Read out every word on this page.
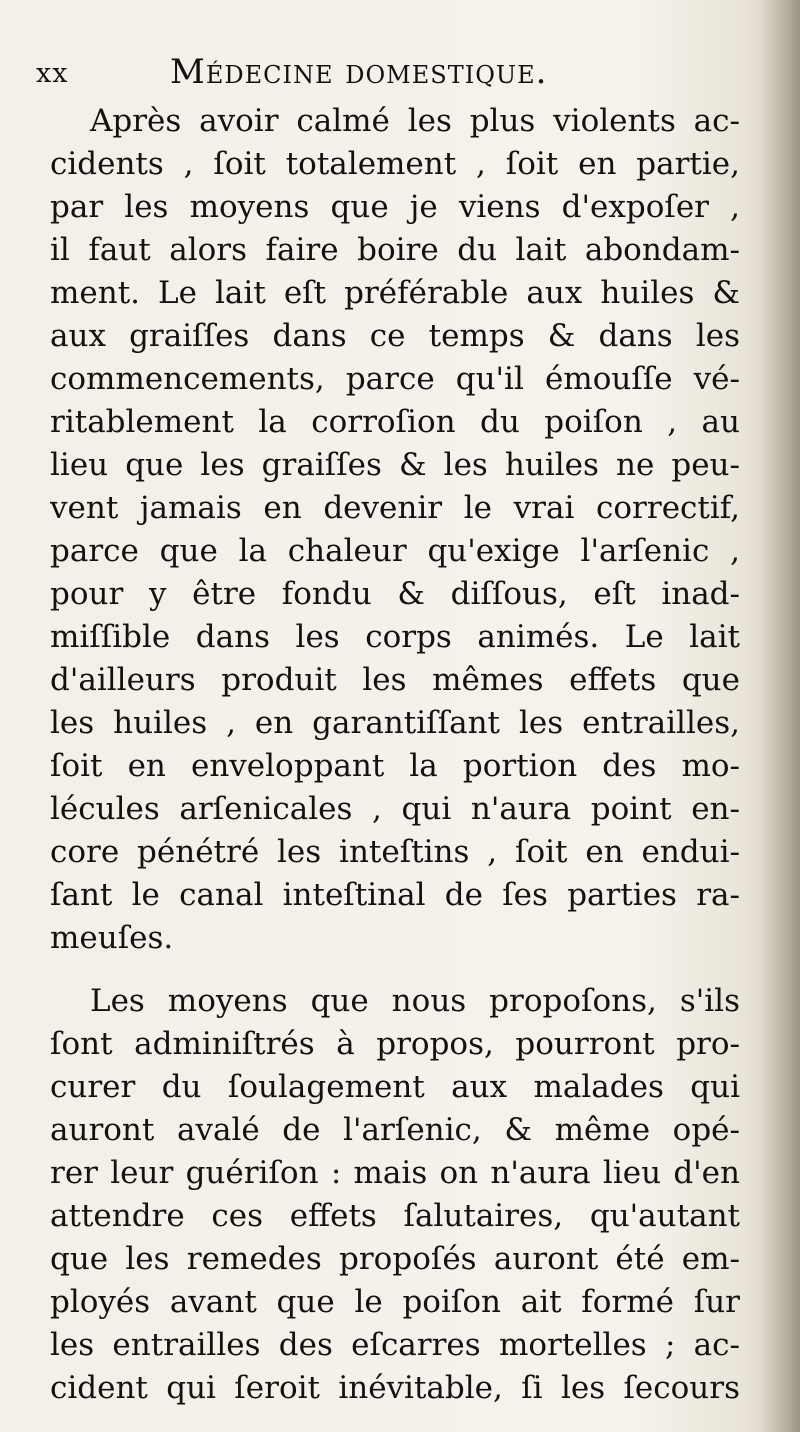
xx	Médecine domestique.
Après avoir calmé les plus violents ac-
cidents , ſoit totalement , ſoit en partie,
par les moyens que je viens d'expoſer ,
il faut alors faire boire du lait abondam-
ment. Le lait eſt préférable aux huiles &
aux graiſſes dans ce temps & dans les
commencements, parce qu'il émouſſe vé-
ritablement la corroſion du poiſon , au
lieu que les graiſſes & les huiles ne peu-
vent jamais en devenir le vrai correctif,
parce que la chaleur qu'exige l'arſenic ,
pour y être fondu & diſſous, eſt inad-
miſſible dans les corps animés. Le lait
d'ailleurs produit les mêmes effets que
les huiles , en garantiſſant les entrailles,
ſoit en enveloppant la portion des mo-
lécules arſenicales , qui n'aura point en-
core pénétré les inteſtins , ſoit en endui-
ſant le canal inteſtinal de ſes parties ra-
meuſes.
Les moyens que nous propoſons, s'ils
ſont adminiſtrés à propos, pourront pro-
curer du ſoulagement aux malades qui
auront avalé de l'arſenic, & même opé-
rer leur guériſon : mais on n'aura lieu d'en
attendre ces effets ſalutaires, qu'autant
que les remedes propoſés auront été em-
ployés avant que le poiſon ait formé ſur
les entrailles des eſcarres mortelles ; ac-
cident qui ſeroit inévitable, ſi les ſecours
